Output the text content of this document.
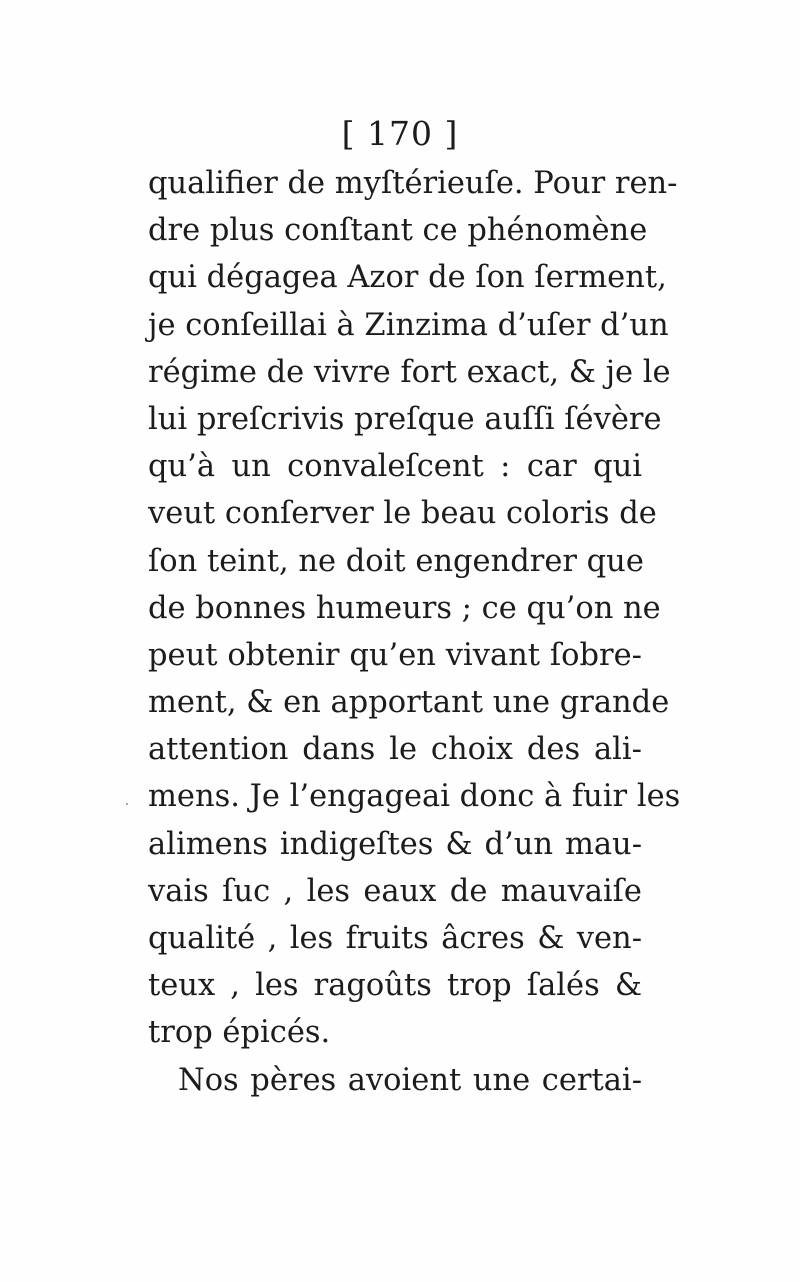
[ 170 ]
qualifier de myſtérieuſe. Pour ren-
dre plus conſtant ce phénomène
qui dégagea Azor de ſon ſerment,
je conſeillai à Zinzima d’uſer d’un
régime de vivre fort exact, & je le
lui preſcrivis preſque auſſi ſévère
qu’à un convaleſcent : car qui
veut conſerver le beau coloris de
ſon teint, ne doit engendrer que
de bonnes humeurs ; ce qu’on ne
peut obtenir qu’en vivant ſobre-
ment, & en apportant une grande
attention dans le choix des ali-
mens. Je l’engageai donc à fuir les
alimens indigeſtes & d’un mau-
vais ſuc , les eaux de mauvaiſe
qualité , les fruits âcres & ven-
teux , les ragoûts trop ſalés &
trop épicés.
Nos pères avoient une certai-
